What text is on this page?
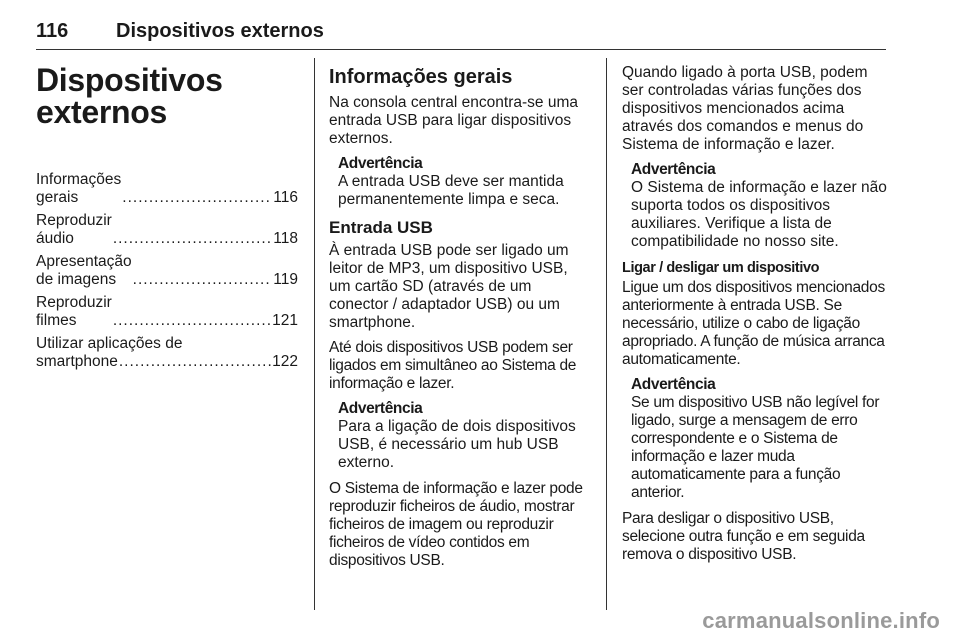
116 Dispositivos externos
Dispositivos
externos
Informações gerais .....	116
Reproduzir áudio .....	118
Apresentação de imagens .....	119
Reproduzir filmes .....	121
Utilizar aplicações de
smartphone .....	122
Informações gerais

Na consola central encontra-se uma entrada USB para ligar dispositivos externos.

Advertência
A entrada USB deve ser mantida permanentemente limpa e seca.
Entrada USB

À entrada USB pode ser ligado um leitor de MP3, um dispositivo USB, um cartão SD (através de um conector / adaptador USB) ou um smartphone.

Até dois dispositivos USB podem ser ligados em simultâneo ao Sistema de informação e lazer.

Advertência
Para a ligação de dois dispositivos USB, é necessário um hub USB externo.

O Sistema de informação e lazer pode reproduzir ficheiros de áudio, mostrar ficheiros de imagem ou reproduzir ficheiros de vídeo contidos em dispositivos USB.

Quando ligado à porta USB, podem ser controladas várias funções dos dispositivos mencionados acima através dos comandos e menus do Sistema de informação e lazer.

Advertência
O Sistema de informação e lazer não suporta todos os dispositivos auxiliares. Verifique a lista de compatibilidade no nosso site.
Ligar / desligar um dispositivo

Ligue um dos dispositivos mencionados anteriormente à entrada USB. Se necessário, utilize o cabo de ligação apropriado. A função de música arranca automaticamente.

Advertência
Se um dispositivo USB não legível for ligado, surge a mensagem de erro correspondente e o Sistema de informação e lazer muda automaticamente para a função anterior.

Para desligar o dispositivo USB, selecione outra função e em seguida remova o dispositivo USB.

carmanualsonline.info
